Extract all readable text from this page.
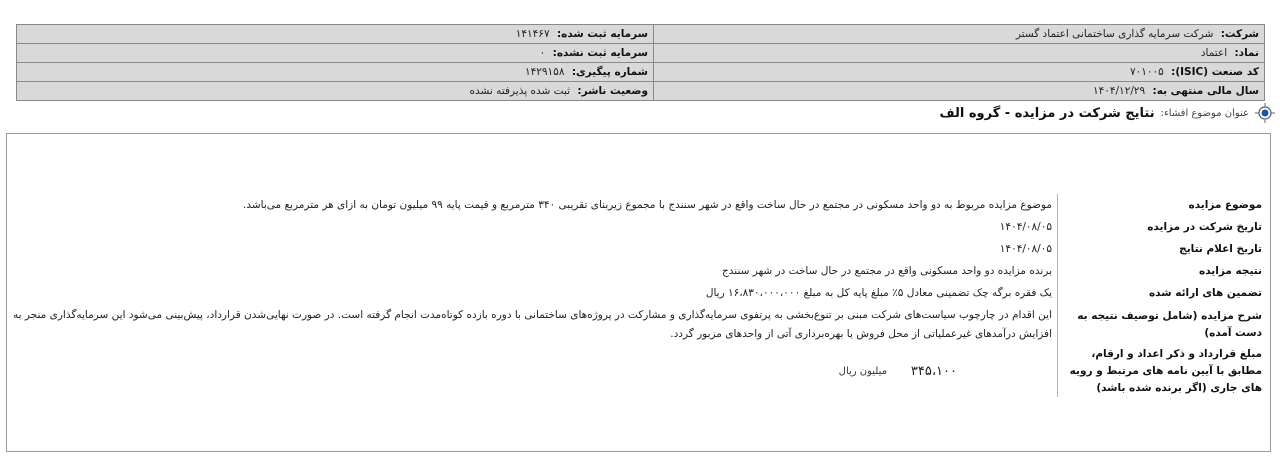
شرکت: شرکت سرمایه گذاری ساختمانی اعتماد گستر	سرمایه ثبت شده: ۱۴۱۴۶۷
نماد: اعتماد	سرمایه ثبت نشده: ۰
کد صنعت (ISIC): ۷۰۱۰۰۵	شماره پیگیری: ۱۴۲۹۱۵۸
سال مالی منتهی به: ۱۴۰۴/۱۲/۲۹	وضعیت ناشر: ثبت شده پذیرفته نشده
عنوان موضوع افشاء:
نتایج شرکت در مزایده - گروه الف
موضوع مزایده	موضوع مزایده مربوط به دو واحد مسکونی در مجتمع در حال ساخت واقع در شهر سنندج با مجموع زیربنای تقریبی ۳۴۰ مترمربع و قیمت پایه ۹۹ میلیون تومان به ازای هر مترمربع می‌باشد.
تاریخ شرکت در مزایده	۱۴۰۴/۰۸/۰۵
تاریخ اعلام نتایج	۱۴۰۴/۰۸/۰۵
نتیجه مزایده	برنده مزایده دو واحد مسکونی واقع در مجتمع در حال ساخت در شهر سنندج
تضمین های ارائه شده	یک فقره برگه چک تضمینی معادل ۵٪ مبلغ پایه کل به مبلغ ۱۶،۸۳۰،۰۰۰،۰۰۰ ریال
شرح مزایده (شامل توصیف نتیجه به دست آمده)	این اقدام در چارچوب سیاست‌های شرکت مبنی بر تنوع‌بخشی به پرتفوی سرمایه‌گذاری و مشارکت در پروژه‌های ساختمانی با دوره بازده کوتاه‌مدت انجام گرفته است. در صورت نهایی‌شدن قرارداد، پیش‌بینی می‌شود این سرمایه‌گذاری منجر به افزایش درآمدهای غیرعملیاتی از محل فروش یا بهره‌برداری آتی از واحدهای مزبور گردد.

مبلغ قرارداد و ذکر اعداد و ارقام، مطابق با آیین نامه های مرتبط و رویه های جاری (اگر برنده شده باشد)	۳۴۵،۱۰۰
میلیون ریال
